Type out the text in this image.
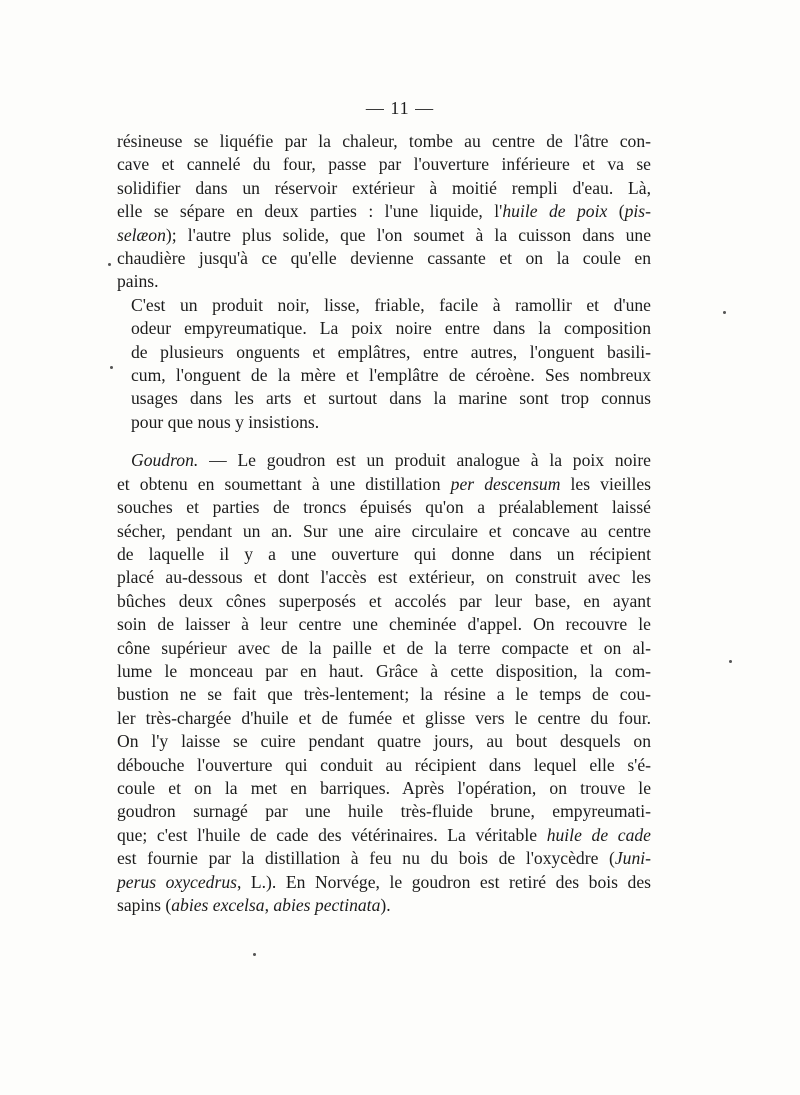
— 11 —

résineuse se liquéfie par la chaleur, tombe au centre de l'âtre con-
cave et cannelé du four, passe par l'ouverture inférieure et va se
solidifier dans un réservoir extérieur à moitié rempli d'eau. Là,
elle se sépare en deux parties : l'une liquide, l'huile de poix (pis-
selæon); l'autre plus solide, que l'on soumet à la cuisson dans une
chaudière jusqu'à ce qu'elle devienne cassante et on la coule en
pains.

C'est un produit noir, lisse, friable, facile à ramollir et d'une
odeur empyreumatique. La poix noire entre dans la composition
de plusieurs onguents et emplâtres, entre autres, l'onguent basili-
cum, l'onguent de la mère et l'emplâtre de céroène. Ses nombreux
usages dans les arts et surtout dans la marine sont trop connus
pour que nous y insistions.

Goudron. — Le goudron est un produit analogue à la poix noire
et obtenu en soumettant à une distillation per descensum les vieilles
souches et parties de troncs épuisés qu'on a préalablement laissé
sécher, pendant un an. Sur une aire circulaire et concave au centre
de laquelle il y a une ouverture qui donne dans un récipient
placé au-dessous et dont l'accès est extérieur, on construit avec les
bûches deux cônes superposés et accolés par leur base, en ayant
soin de laisser à leur centre une cheminée d'appel. On recouvre le
cône supérieur avec de la paille et de la terre compacte et on al-
lume le monceau par en haut. Grâce à cette disposition, la com-
bustion ne se fait que très-lentement; la résine a le temps de cou-
ler très-chargée d'huile et de fumée et glisse vers le centre du four.
On l'y laisse se cuire pendant quatre jours, au bout desquels on
débouche l'ouverture qui conduit au récipient dans lequel elle s'é-
coule et on la met en barriques. Après l'opération, on trouve le
goudron surnagé par une huile très-fluide brune, empyreumati-
que; c'est l'huile de cade des vétérinaires. La véritable huile de cade
est fournie par la distillation à feu nu du bois de l'oxycèdre (Juni-
perus oxycedrus, L.). En Norvége, le goudron est retiré des bois des
sapins (abies excelsa, abies pectinata).
